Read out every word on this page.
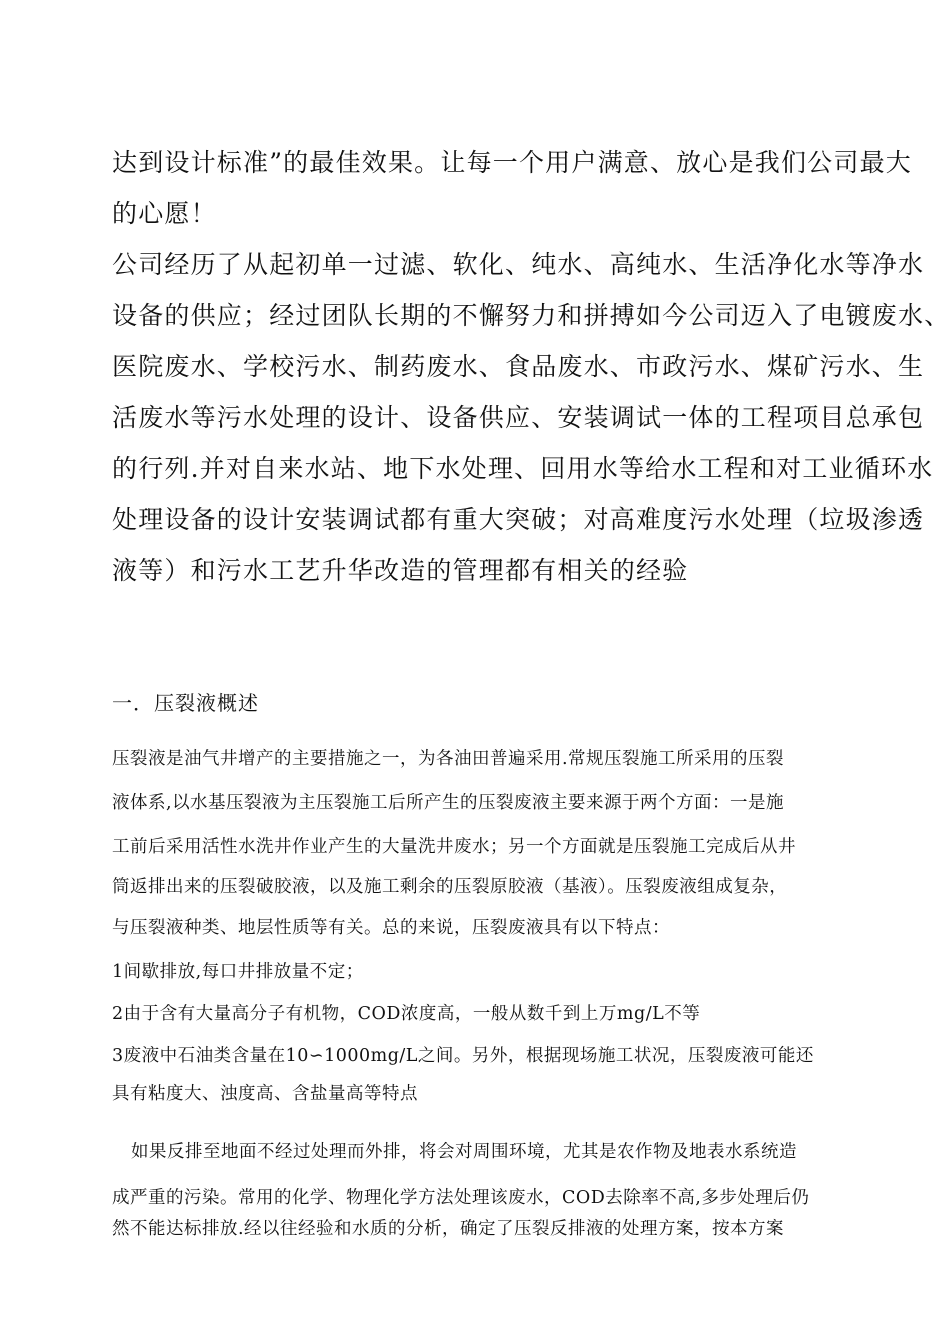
达到设计标准”的最佳效果。让每一个用户满意、放心是我们公司最大
的心愿！
公司经历了从起初单一过滤、软化、纯水、高纯水、生活净化水等净水
设备的供应；经过团队长期的不懈努力和拼搏如今公司迈入了电镀废水、
医院废水、学校污水、制药废水、食品废水、市政污水、煤矿污水、生
活废水等污水处理的设计、设备供应、安装调试一体的工程项目总承包
的行列.并对自来水站、地下水处理、回用水等给水工程和对工业循环水
处理设备的设计安装调试都有重大突破；对高难度污水处理（垃圾渗透
液等）和污水工艺升华改造的管理都有相关的经验
一．压裂液概述
压裂液是油气井增产的主要措施之一，为各油田普遍采用.常规压裂施工所采用的压裂
液体系,以水基压裂液为主压裂施工后所产生的压裂废液主要来源于两个方面：一是施
工前后采用活性水洗井作业产生的大量洗井废水；另一个方面就是压裂施工完成后从井
筒返排出来的压裂破胶液，以及施工剩余的压裂原胶液（基液）。压裂废液组成复杂，
与压裂液种类、地层性质等有关。总的来说，压裂废液具有以下特点：
1间歇排放,每口井排放量不定；
2由于含有大量高分子有机物，COD浓度高，一般从数千到上万mg/L不等
3废液中石油类含量在10∽1000mg/L之间。另外，根据现场施工状况，压裂废液可能还
具有粘度大、浊度高、含盐量高等特点
如果反排至地面不经过处理而外排，将会对周围环境，尤其是农作物及地表水系统造
成严重的污染。常用的化学、物理化学方法处理该废水，COD去除率不高,多步处理后仍
然不能达标排放.经以往经验和水质的分析，确定了压裂反排液的处理方案，按本方案
